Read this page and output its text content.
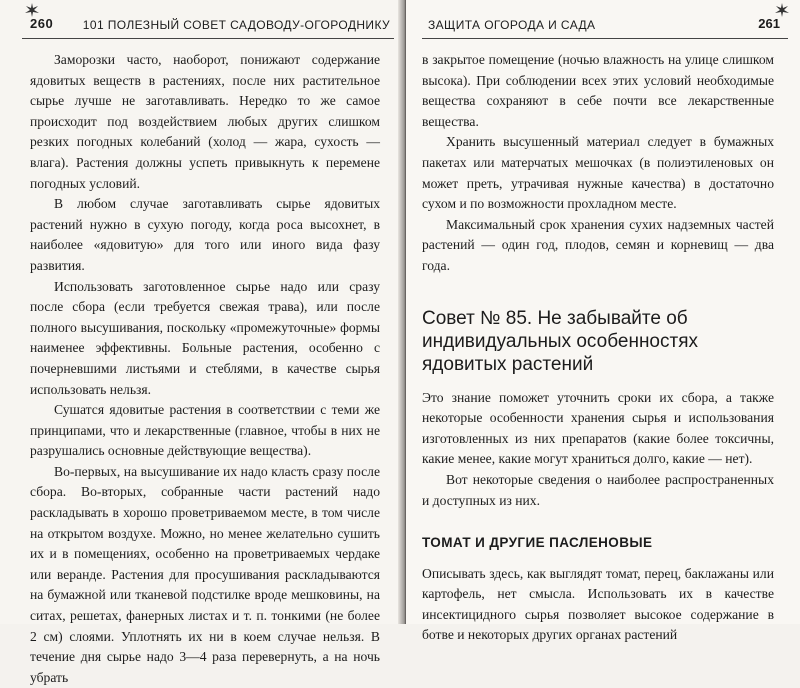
260 101 ПОЛЕЗНЫЙ СОВЕТ САДОВОДУ-ОГОРОДНИКУ

Заморозки часто, наоборот, понижают содержание ядовитых веществ в растениях, после них растительное сырье лучше не заготавливать. Нередко то же самое происходит под воздействием любых других слишком резких погодных колебаний (холод — жара, сухость — влага). Растения должны успеть привыкнуть к перемене погодных условий.

В любом случае заготавливать сырье ядовитых растений нужно в сухую погоду, когда роса высохнет, в наиболее «ядовитую» для того или иного вида фазу развития.

Использовать заготовленное сырье надо или сразу после сбора (если требуется свежая трава), или после полного высушивания, поскольку «промежуточные» формы наименее эффективны. Больные растения, особенно с почерневшими листьями и стеблями, в качестве сырья использовать нельзя.

Сушатся ядовитые растения в соответствии с теми же принципами, что и лекарственные (главное, чтобы в них не разрушались основные действующие вещества).

Во-первых, на высушивание их надо класть сразу после сбора. Во-вторых, собранные части растений надо раскладывать в хорошо проветриваемом месте, в том числе на открытом воздухе. Можно, но менее желательно сушить их и в помещениях, особенно на проветриваемых чердаке или веранде. Растения для просушивания раскладываются на бумажной или тканевой подстилке вроде мешковины, на ситах, решетах, фанерных листах и т. п. тонкими (не более 2 см) слоями. Уплотнять их ни в коем случае нельзя. В течение дня сырье надо 3—4 раза перевернуть, а на ночь убрать

ЗАЩИТА ОГОРОДА И САДА	261

в закрытое помещение (ночью влажность на улице слишком высока). При соблюдении всех этих условий необходимые вещества сохраняют в себе почти все лекарственные вещества.

Хранить высушенный материал следует в бумажных пакетах или матерчатых мешочках (в полиэтиленовых он может преть, утрачивая нужные качества) в достаточно сухом и по возможности прохладном месте.

Максимальный срок хранения сухих надземных частей растений — один год, плодов, семян и корневищ — два года.

Совет № 85. Не забывайте об индивидуальных особенностях ядовитых растений

Это знание поможет уточнить сроки их сбора, а также некоторые особенности хранения сырья и использования изготовленных из них препаратов (какие более токсичны, какие менее, какие могут храниться долго, какие — нет).

Вот некоторые сведения о наиболее распространенных и доступных из них.

ТОМАТ И ДРУГИЕ ПАСЛЕНОВЫЕ

Описывать здесь, как выглядят томат, перец, баклажаны или картофель, нет смысла. Использовать их в качестве инсектицидного сырья позволяет высокое содержание в ботве и некоторых других органах растений
